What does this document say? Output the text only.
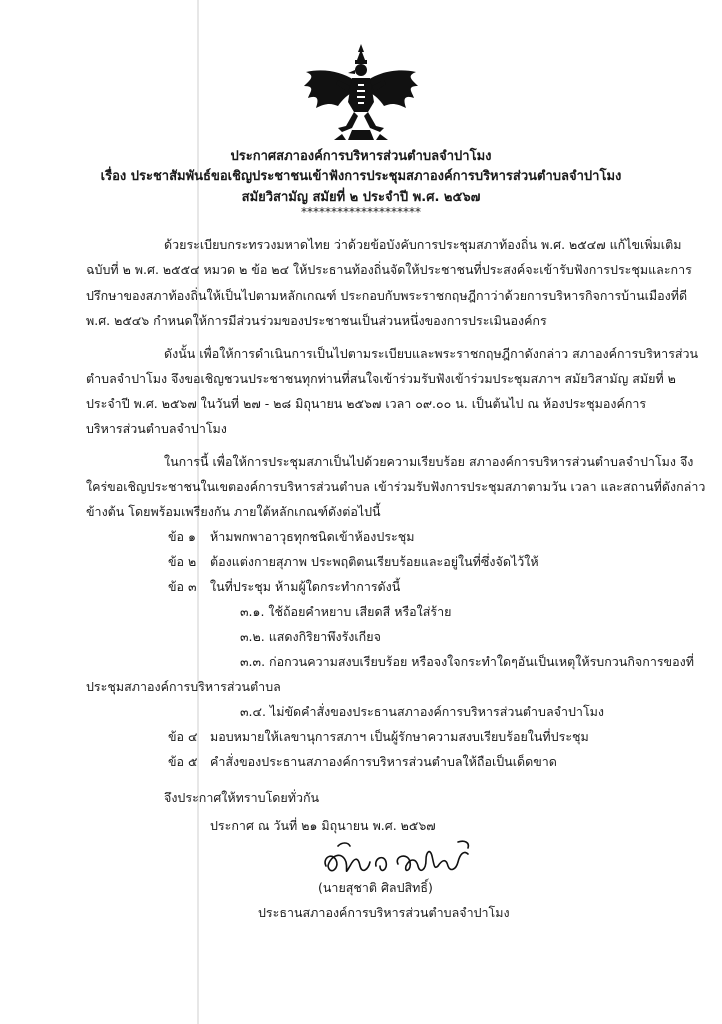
ประกาศสภาองค์การบริหารส่วนตำบลจำปาโมง
เรื่อง ประชาสัมพันธ์ขอเชิญประชาชนเข้าฟังการประชุมสภาองค์การบริหารส่วนตำบลจำปาโมง
สมัยวิสามัญ สมัยที่ ๒ ประจำปี พ.ศ. ๒๕๖๗
********************
ด้วยระเบียบกระทรวงมหาดไทย ว่าด้วยข้อบังคับการประชุมสภาท้องถิ่น พ.ศ. ๒๕๔๗ แก้ไขเพิ่มเติม
ฉบับที่ ๒ พ.ศ. ๒๕๕๔ หมวด ๒ ข้อ ๒๔ ให้ประธานท้องถิ่นจัดให้ประชาชนที่ประสงค์จะเข้ารับฟังการประชุมและการ
ปรึกษาของสภาท้องถิ่นให้เป็นไปตามหลักเกณฑ์ ประกอบกับพระราชกฤษฎีกาว่าด้วยการบริหารกิจการบ้านเมืองที่ดี
พ.ศ. ๒๕๔๖ กำหนดให้การมีส่วนร่วมของประชาชนเป็นส่วนหนึ่งของการประเมินองค์กร
ดังนั้น เพื่อให้การดำเนินการเป็นไปตามระเบียบและพระราชกฤษฎีกาดังกล่าว สภาองค์การบริหารส่วน
ตำบลจำปาโมง จึงขอเชิญชวนประชาชนทุกท่านที่สนใจเข้าร่วมรับฟังเข้าร่วมประชุมสภาฯ สมัยวิสามัญ สมัยที่ ๒
ประจำปี พ.ศ. ๒๕๖๗ ในวันที่ ๒๗ - ๒๘ มิถุนายน ๒๕๖๗ เวลา ๐๙.๐๐ น. เป็นต้นไป ณ ห้องประชุมองค์การ
บริหารส่วนตำบลจำปาโมง
ในการนี้ เพื่อให้การประชุมสภาเป็นไปด้วยความเรียบร้อย สภาองค์การบริหารส่วนตำบลจำปาโมง จึง
ใคร่ขอเชิญประชาชนในเขตองค์การบริหารส่วนตำบล เข้าร่วมรับฟังการประชุมสภาตามวัน เวลา และสถานที่ดังกล่าว
ข้างต้น โดยพร้อมเพรียงกัน ภายใต้หลักเกณฑ์ดังต่อไปนี้
ข้อ ๑ ห้ามพกพาอาวุธทุกชนิดเข้าห้องประชุม
ข้อ ๒ ต้องแต่งกายสุภาพ ประพฤติตนเรียบร้อยและอยู่ในที่ซึ่งจัดไว้ให้
ข้อ ๓ ในที่ประชุม ห้ามผู้ใดกระทำการดังนี้
๓.๑. ใช้ถ้อยคำหยาบ เสียดสี หรือใส่ร้าย
๓.๒. แสดงกิริยาพึงรังเกียจ
๓.๓. ก่อกวนความสงบเรียบร้อย หรือจงใจกระทำใดๆอันเป็นเหตุให้รบกวนกิจการของที่
ประชุมสภาองค์การบริหารส่วนตำบล
๓.๔. ไม่ขัดคำสั่งของประธานสภาองค์การบริหารส่วนตำบลจำปาโมง
ข้อ ๔ มอบหมายให้เลขานุการสภาฯ เป็นผู้รักษาความสงบเรียบร้อยในที่ประชุม
ข้อ ๕ คำสั่งของประธานสภาองค์การบริหารส่วนตำบลให้ถือเป็นเด็ดขาด
จึงประกาศให้ทราบโดยทั่วกัน
ประกาศ ณ วันที่ ๒๑ มิถุนายน พ.ศ. ๒๕๖๗
(นายสุชาติ ศิลปสิทธิ์)
ประธานสภาองค์การบริหารส่วนตำบลจำปาโมง
